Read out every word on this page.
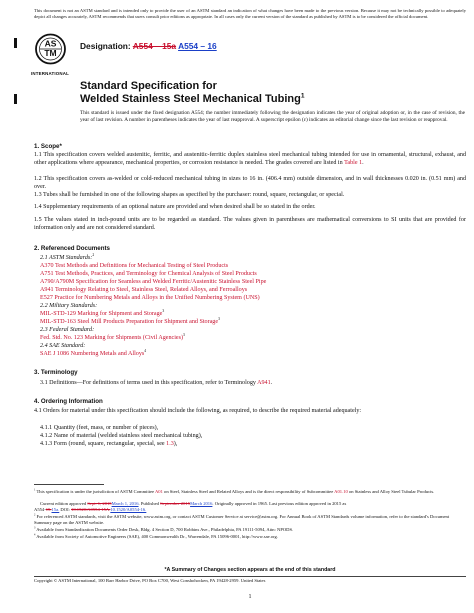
This document is not an ASTM standard and is intended only to provide the user of an ASTM standard an indication of what changes have been made to the previous version. Because it may not be technically possible to adequately depict all changes accurately, ASTM recommends that users consult prior editions as appropriate. In all cases only the current version of the standard as published by ASTM is to be considered the official document.
AS
TM
INTERNATIONAL
Designation: A554 – 15a A554 – 16
Standard Specification for
Welded Stainless Steel Mechanical Tubing$^1$
This standard is issued under the fixed designation A554; the number immediately following the designation indicates the year of original adoption or, in the case of revision, the year of last revision. A number in parentheses indicates the year of last reapproval. A superscript epsilon (ε) indicates an editorial change since the last revision or reapproval.
1. Scope*
1.1 This specification covers welded austenitic, ferritic, and austenitic-ferritic duplex stainless steel mechanical tubing intended for use in ornamental, structural, exhaust, and other applications where appearance, mechanical properties, or corrosion resistance is needed. The grades covered are listed in Table 1.
1.2 This specification covers as-welded or cold-reduced mechanical tubing in sizes to 16 in. (406.4 mm) outside dimension, and in wall thicknesses 0.020 in. (0.51 mm) and over.
1.3 Tubes shall be furnished in one of the following shapes as specified by the purchaser: round, square, rectangular, or special.
1.4 Supplementary requirements of an optional nature are provided and when desired shall be so stated in the order.
1.5 The values stated in inch-pound units are to be regarded as standard. The values given in parentheses are mathematical conversions to SI units that are provided for information only and are not considered standard.
2. Referenced Documents
2.1 ASTM Standards:$^2$
A370 Test Methods and Definitions for Mechanical Testing of Steel Products
A751 Test Methods, Practices, and Terminology for Chemical Analysis of Steel Products
A790/A790M Specification for Seamless and Welded Ferritic/Austenitic Stainless Steel Pipe
A941 Terminology Relating to Steel, Stainless Steel, Related Alloys, and Ferroalloys
E527 Practice for Numbering Metals and Alloys in the Unified Numbering System (UNS)
2.2 Military Standards:
MIL-STD-129 Marking for Shipment and Storage$^3$
MIL-STD-163 Steel Mill Products Preparation for Shipment and Storage$^3$
2.3 Federal Standard:
Fed. Std. No. 123 Marking for Shipments (Civil Agencies)$^3$
2.4 SAE Standard:
SAE J 1086 Numbering Metals and Alloys$^4$
3. Terminology
3.1 Definitions—For definitions of terms used in this specification, refer to Terminology A941.
4. Ordering Information
4.1 Orders for material under this specification should include the following, as required, to describe the required material adequately:
4.1.1 Quantity (feet, mass, or number of pieces),
4.1.2 Name of material (welded stainless steel mechanical tubing),
4.1.3 Form (round, square, rectangular, special, see 1.3),
$^1$ This specification is under the jurisdiction of ASTM Committee A01 on Steel, Stainless Steel and Related Alloys and is the direct responsibility of Subcommittee A01.10 on Stainless and Alloy Steel Tubular Products.
Current edition approved Sept. 1, 2015March 1, 2016. Published September 2015March 2016. Originally approved in 1965. Last previous edition approved in 2015 as
A554-15.15a. DOI: 10.1520/A0554-15A.10.1520/A0554-16.
$^2$ For referenced ASTM standards, visit the ASTM website, www.astm.org, or contact ASTM Customer Service at service@astm.org. For Annual Book of ASTM Standards volume information, refer to the standard's Document Summary page on the ASTM website.
$^3$ Available from Standardization Documents Order Desk, Bldg. 4 Section D, 700 Robbins Ave., Philadelphia, PA 19111-5094, Attn: NPODS.
$^4$ Available from Society of Automotive Engineers (SAE), 400 Commonwealth Dr., Warrendale, PA 15096-0001, http://www.sae.org.
*A Summary of Changes section appears at the end of this standard
Copyright © ASTM International, 100 Barr Harbor Drive, PO Box C700, West Conshohocken, PA 19428-2959. United States
1
